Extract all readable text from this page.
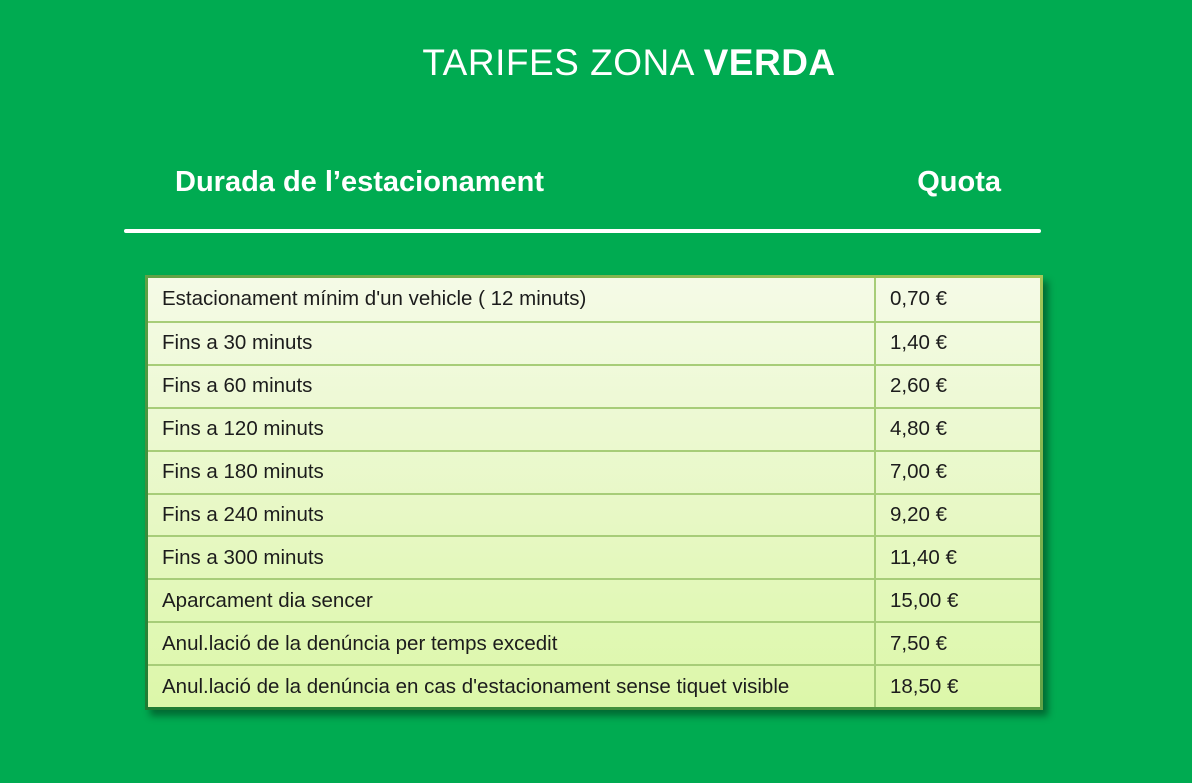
TARIFES ZONA VERDA
Durada de l’estacionament	Quota
Estacionament mínim d'un vehicle ( 12 minuts)	0,70 €
Fins a 30 minuts	1,40 €
Fins a 60 minuts	2,60 €
Fins a 120 minuts	4,80 €
Fins a 180 minuts	7,00 €
Fins a 240 minuts	9,20 €
Fins a 300 minuts	11,40 €
Aparcament dia sencer	15,00 €
Anul.lació de la denúncia per temps excedit	7,50 €
Anul.lació de la denúncia en cas d'estacionament sense tiquet visible	18,50 €
